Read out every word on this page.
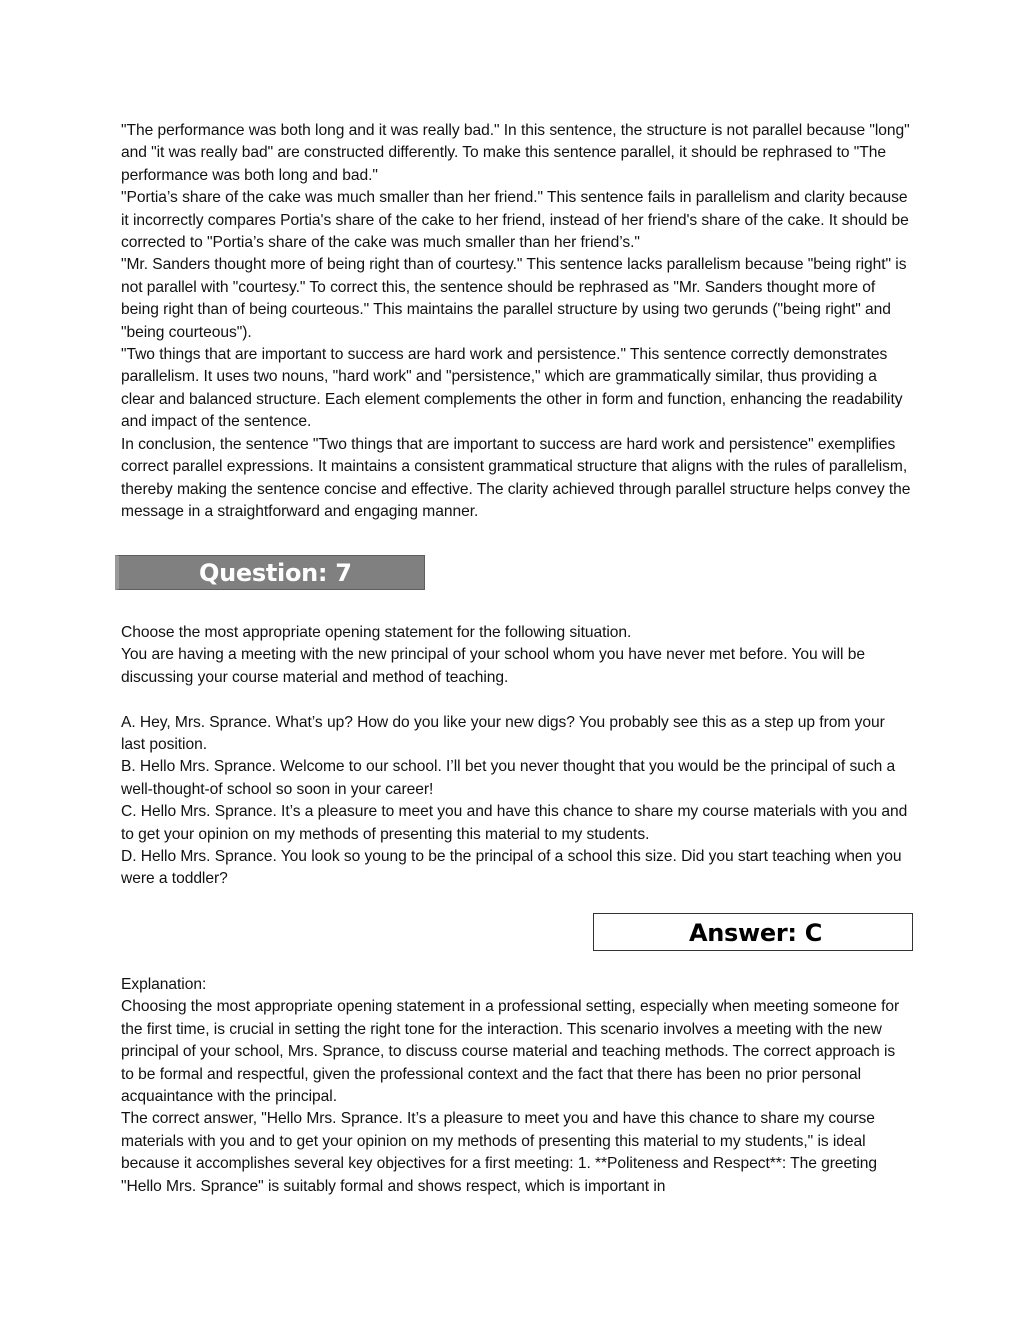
"The performance was both long and it was really bad." In this sentence, the structure is not parallel because "long" and "it was really bad" are constructed differently. To make this sentence parallel, it should be rephrased to "The performance was both long and bad."

"Portia’s share of the cake was much smaller than her friend." This sentence fails in parallelism and clarity because it incorrectly compares Portia's share of the cake to her friend, instead of her friend's share of the cake. It should be corrected to "Portia’s share of the cake was much smaller than her friend’s."

"Mr. Sanders thought more of being right than of courtesy." This sentence lacks parallelism because "being right" is not parallel with "courtesy." To correct this, the sentence should be rephrased as "Mr. Sanders thought more of being right than of being courteous." This maintains the parallel structure by using two gerunds ("being right" and "being courteous").

"Two things that are important to success are hard work and persistence." This sentence correctly demonstrates parallelism. It uses two nouns, "hard work" and "persistence," which are grammatically similar, thus providing a clear and balanced structure. Each element complements the other in form and function, enhancing the readability and impact of the sentence.

In conclusion, the sentence "Two things that are important to success are hard work and persistence" exemplifies correct parallel expressions. It maintains a consistent grammatical structure that aligns with the rules of parallelism, thereby making the sentence concise and effective. The clarity achieved through parallel structure helps convey the message in a straightforward and engaging manner.

Question: 7

Choose the most appropriate opening statement for the following situation.

You are having a meeting with the new principal of your school whom you have never met before. You will be discussing your course material and method of teaching.

A. Hey, Mrs. Sprance. What’s up? How do you like your new digs? You probably see this as a step up from your last position.

B. Hello Mrs. Sprance. Welcome to our school. I’ll bet you never thought that you would be the principal of such a well-thought-of school so soon in your career!

C. Hello Mrs. Sprance. It’s a pleasure to meet you and have this chance to share my course materials with you and to get your opinion on my methods of presenting this material to my students.

D. Hello Mrs. Sprance. You look so young to be the principal of a school this size. Did you start teaching when you were a toddler?

Answer: C

Explanation:

Choosing the most appropriate opening statement in a professional setting, especially when meeting someone for the first time, is crucial in setting the right tone for the interaction. This scenario involves a meeting with the new principal of your school, Mrs. Sprance, to discuss course material and teaching methods. The correct approach is to be formal and respectful, given the professional context and the fact that there has been no prior personal acquaintance with the principal.

The correct answer, "Hello Mrs. Sprance. It’s a pleasure to meet you and have this chance to share my course materials with you and to get your opinion on my methods of presenting this material to my students," is ideal because it accomplishes several key objectives for a first meeting: 1. **Politeness and Respect**: The greeting "Hello Mrs. Sprance" is suitably formal and shows respect, which is important in
